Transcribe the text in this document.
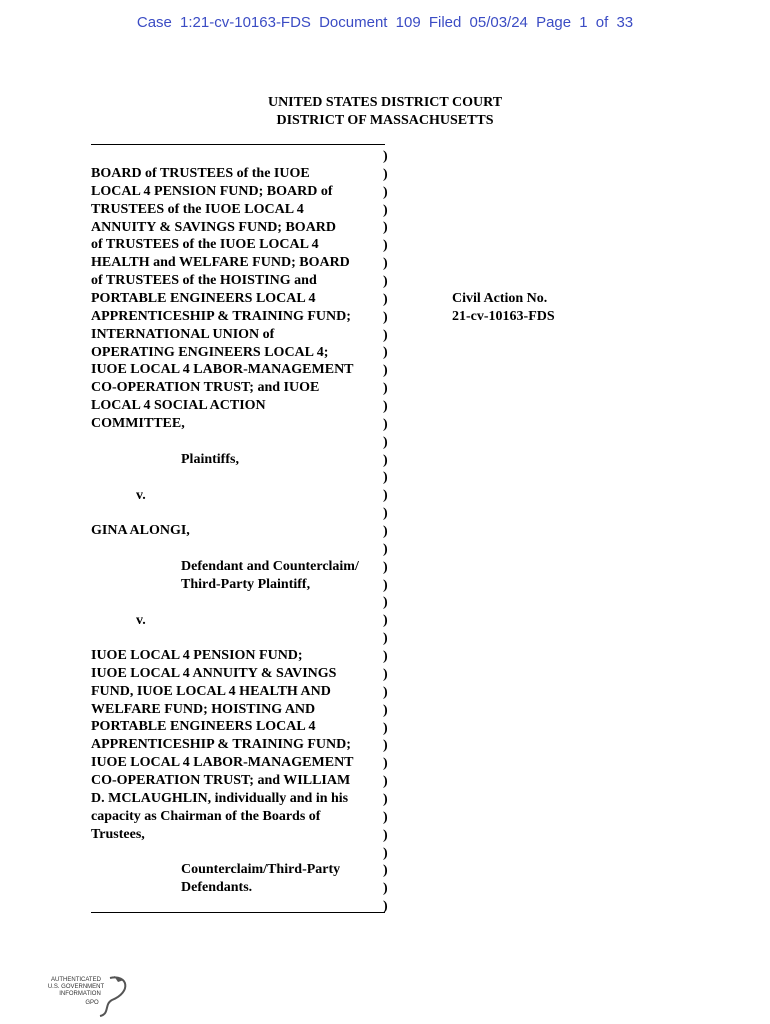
Case 1:21-cv-10163-FDS Document 109 Filed 05/03/24 Page 1 of 33
UNITED STATES DISTRICT COURT
DISTRICT OF MASSACHUSETTS
)
)
)
)
)
)
)
)
)
)
)
)
)
)
)
)
)
)
)
)
)
)
)
)
)
)
)
)
)
)
)
)
)
)
)
)
)
)
)
)
)
)
)
BOARD of TRUSTEES of the IUOE
LOCAL 4 PENSION FUND; BOARD of
TRUSTEES of the IUOE LOCAL 4
ANNUITY & SAVINGS FUND; BOARD
of TRUSTEES of the IUOE LOCAL 4
HEALTH and WELFARE FUND; BOARD
of TRUSTEES of the HOISTING and
PORTABLE ENGINEERS LOCAL 4
APPRENTICESHIP & TRAINING FUND;
INTERNATIONAL UNION of
OPERATING ENGINEERS LOCAL 4;
IUOE LOCAL 4 LABOR-MANAGEMENT
CO-OPERATION TRUST; and IUOE
LOCAL 4 SOCIAL ACTION
COMMITTEE,
Plaintiffs,
v.
GINA ALONGI,
Defendant and Counterclaim/
Third-Party Plaintiff,
v.
IUOE LOCAL 4 PENSION FUND;
IUOE LOCAL 4 ANNUITY & SAVINGS
FUND, IUOE LOCAL 4 HEALTH AND
WELFARE FUND; HOISTING AND
PORTABLE ENGINEERS LOCAL 4
APPRENTICESHIP & TRAINING FUND;
IUOE LOCAL 4 LABOR-MANAGEMENT
CO-OPERATION TRUST; and WILLIAM
D. MCLAUGHLIN, individually and in his
capacity as Chairman of the Boards of
Trustees,
Counterclaim/Third-Party
Defendants.
Civil Action No.
21-cv-10163-FDS
AUTHENTICATED
U.S. GOVERNMENT
INFORMATION
GPO
